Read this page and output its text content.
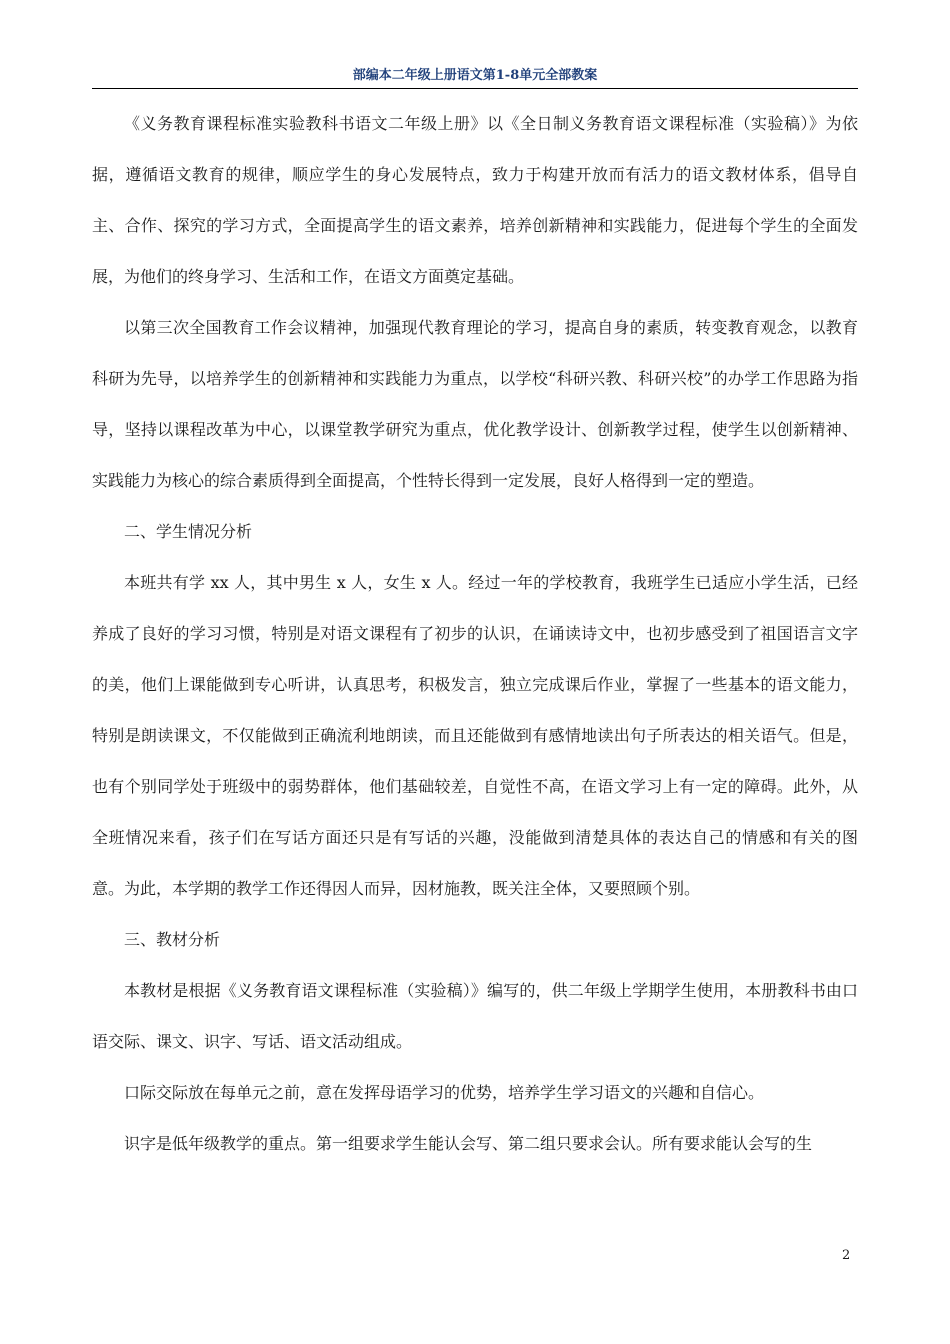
部编本二年级上册语文第1-8单元全部教案

《义务教育课程标准实验教科书语文二年级上册》以《全日制义务教育语文课程标准（实验稿）》为依据，遵循语文教育的规律，顺应学生的身心发展特点，致力于构建开放而有活力的语文教材体系，倡导自主、合作、探究的学习方式，全面提高学生的语文素养，培养创新精神和实践能力，促进每个学生的全面发展，为他们的终身学习、生活和工作，在语文方面奠定基础。

以第三次全国教育工作会议精神，加强现代教育理论的学习，提高自身的素质，转变教育观念，以教育科研为先导，以培养学生的创新精神和实践能力为重点，以学校“科研兴教、科研兴校”的办学工作思路为指导，坚持以课程改革为中心，以课堂教学研究为重点，优化教学设计、创新教学过程，使学生以创新精神、实践能力为核心的综合素质得到全面提高，个性特长得到一定发展，良好人格得到一定的塑造。

二、学生情况分析

本班共有学 xx 人，其中男生 x 人，女生 x 人。经过一年的学校教育，我班学生已适应小学生活，已经养成了良好的学习习惯，特别是对语文课程有了初步的认识，在诵读诗文中，也初步感受到了祖国语言文字的美，他们上课能做到专心听讲，认真思考，积极发言，独立完成课后作业，掌握了一些基本的语文能力，特别是朗读课文，不仅能做到正确流利地朗读，而且还能做到有感情地读出句子所表达的相关语气。但是，也有个别同学处于班级中的弱势群体，他们基础较差，自觉性不高，在语文学习上有一定的障碍。此外，从全班情况来看，孩子们在写话方面还只是有写话的兴趣，没能做到清楚具体的表达自己的情感和有关的图意。为此，本学期的教学工作还得因人而异，因材施教，既关注全体，又要照顾个别。

三、教材分析

本教材是根据《义务教育语文课程标准（实验稿）》编写的，供二年级上学期学生使用，本册教科书由口语交际、课文、识字、写话、语文活动组成。

口际交际放在每单元之前，意在发挥母语学习的优势，培养学生学习语文的兴趣和自信心。

识字是低年级教学的重点。第一组要求学生能认会写、第二组只要求会认。所有要求能认会写的生

2
